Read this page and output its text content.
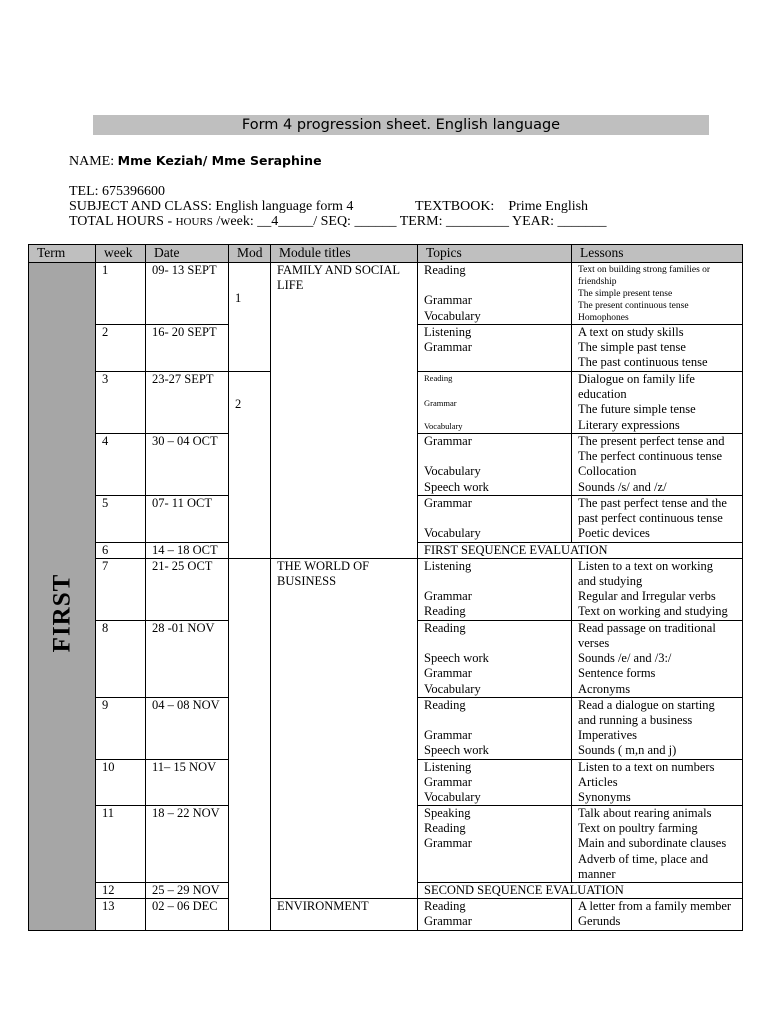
Form 4 progression sheet. English language
NAME: Mme Keziah/ Mme Seraphine
TEL: 675396600
SUBJECT AND CLASS: English language form 4	TEXTBOOK:    Prime English
TOTAL HOURS - HOURS /week: __4_____/ SEQ: ______ TERM: _________ YEAR: _______
Term	week	Date	Mod	Module titles	Topics	Lessons

FIRST	1	09- 13 SEPT	1	FAMILY AND SOCIAL LIFE	Reading
Grammar
Vocabulary	Text on building strong families or friendship
The simple present tense
The present continuous tense
Homophones

	2	16- 20 SEPT			Listening
Grammar	A text on study skills
The simple past tense
The past continuous tense

	3	23-27 SEPT	2		Reading
Grammar
Vocabulary	Dialogue on family life education
The future simple tense
Literary expressions

	4	30 – 04 OCT			Grammar
Vocabulary
Speech work	The present perfect tense and
The perfect continuous tense
Collocation
Sounds /s/ and /z/

	5	07- 11 OCT			Grammar
Vocabulary	The past perfect tense and the
past perfect continuous tense
Poetic devices

	6	14 – 18 OCT			FIRST SEQUENCE EVALUATION	
	7	21- 25 OCT		THE WORLD OF BUSINESS	Listening
Grammar
Reading	Listen to a text on working
and studying
Regular and Irregular verbs
Text on working and studying

	8	28 -01 NOV			Reading
Speech work
Grammar
Vocabulary	Read passage on traditional
verses
Sounds /e/ and /3:/
Sentence forms
Acronyms

	9	04 – 08 NOV			Reading
Grammar
Speech work	Read a dialogue on starting
and running a business
Imperatives
Sounds ( m,n and j)

	10	11– 15 NOV			Listening
Grammar
Vocabulary	Listen to a text on numbers
Articles
Synonyms

	11	18 – 22 NOV			Speaking
Reading
Grammar	Talk about rearing animals
Text on poultry farming
Main and subordinate clauses
Adverb of time, place and
manner

	12	25 – 29 NOV			SECOND SEQUENCE EVALUATION	
	13	02 – 06 DEC		ENVIRONMENT	Reading
Grammar	A letter from a family member
Gerunds
